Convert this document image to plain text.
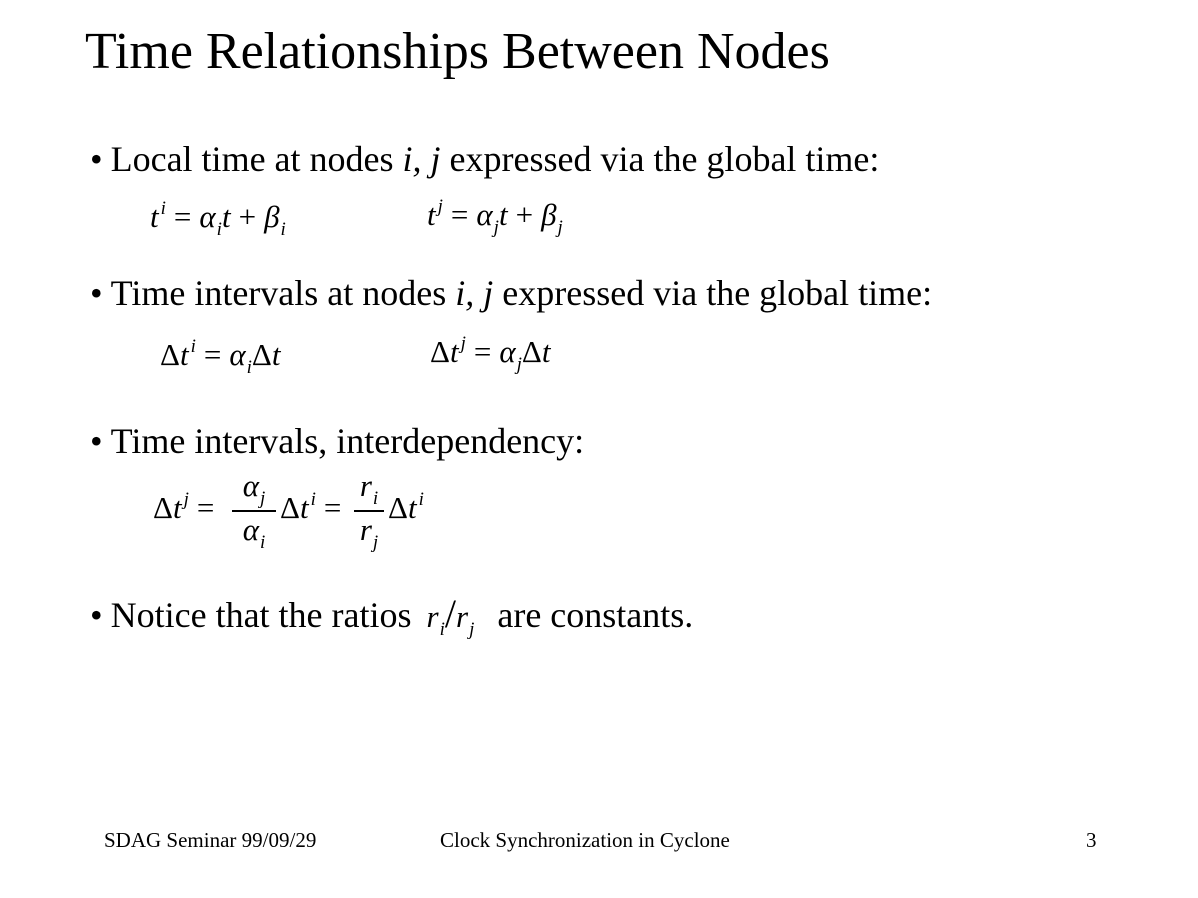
Time Relationships Between Nodes
• Local time at nodes i, j expressed via the global time:
t $^i = \alpha_it + \beta_i$	t $^j = \alpha_jt + \beta_j$
• Time intervals at nodes i, j expressed via the global time:
Δt $^i = \alpha_i\Delta t$	Δt $^j = \alpha_j\Delta t$
• Time intervals, interdependency:
Δt $^j$ =
$\alpha_j$
$\alpha_i$
Δt $^i$ =
$r_i$
$r_j$
Δt $^i$
• Notice that the ratios $r_i/r_j$ are constants.
SDAG Seminar 99/09/29	Clock Synchronization in Cyclone	3
